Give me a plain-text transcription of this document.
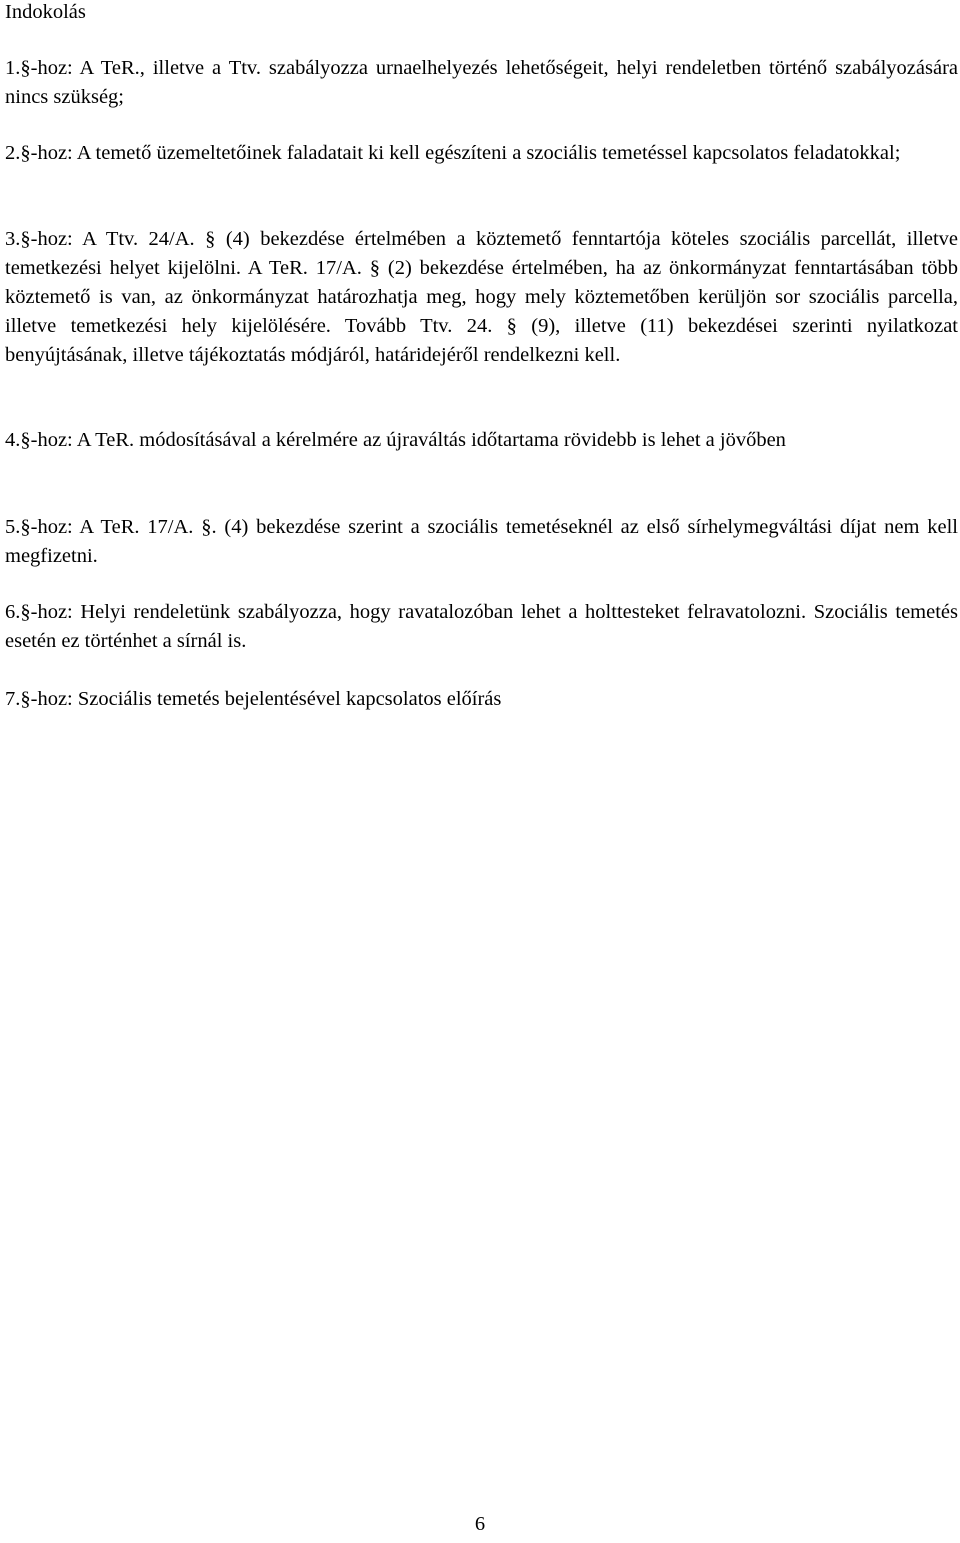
Indokolás

1.§-hoz: A TeR., illetve a Ttv. szabályozza urnaelhelyezés lehetőségeit, helyi rendeletben történő szabályozására nincs szükség;

2.§-hoz: A temető üzemeltetőinek faladatait ki kell egészíteni a szociális temetéssel kapcsolatos feladatokkal;

3.§-hoz: A Ttv. 24/A. § (4) bekezdése értelmében a köztemető fenntartója köteles szociális parcellát, illetve temetkezési helyet kijelölni. A TeR. 17/A. § (2) bekezdése értelmében, ha az önkormányzat fenntartásában több köztemető is van, az önkormányzat határozhatja meg, hogy mely köztemetőben kerüljön sor szociális parcella, illetve temetkezési hely kijelölésére. Tovább Ttv. 24. § (9), illetve (11) bekezdései szerinti nyilatkozat benyújtásának, illetve tájékoztatás módjáról, határidejéről rendelkezni kell.

4.§-hoz: A TeR. módosításával a kérelmére az újraváltás időtartama rövidebb is lehet a jövőben

5.§-hoz: A TeR. 17/A. §. (4) bekezdése szerint a szociális temetéseknél az első sírhelymegváltási díjat nem kell megfizetni.

6.§-hoz: Helyi rendeletünk szabályozza, hogy ravatalozóban lehet a holttesteket felravatolozni. Szociális temetés esetén ez történhet a sírnál is.

7.§-hoz: Szociális temetés bejelentésével kapcsolatos előírás

6
